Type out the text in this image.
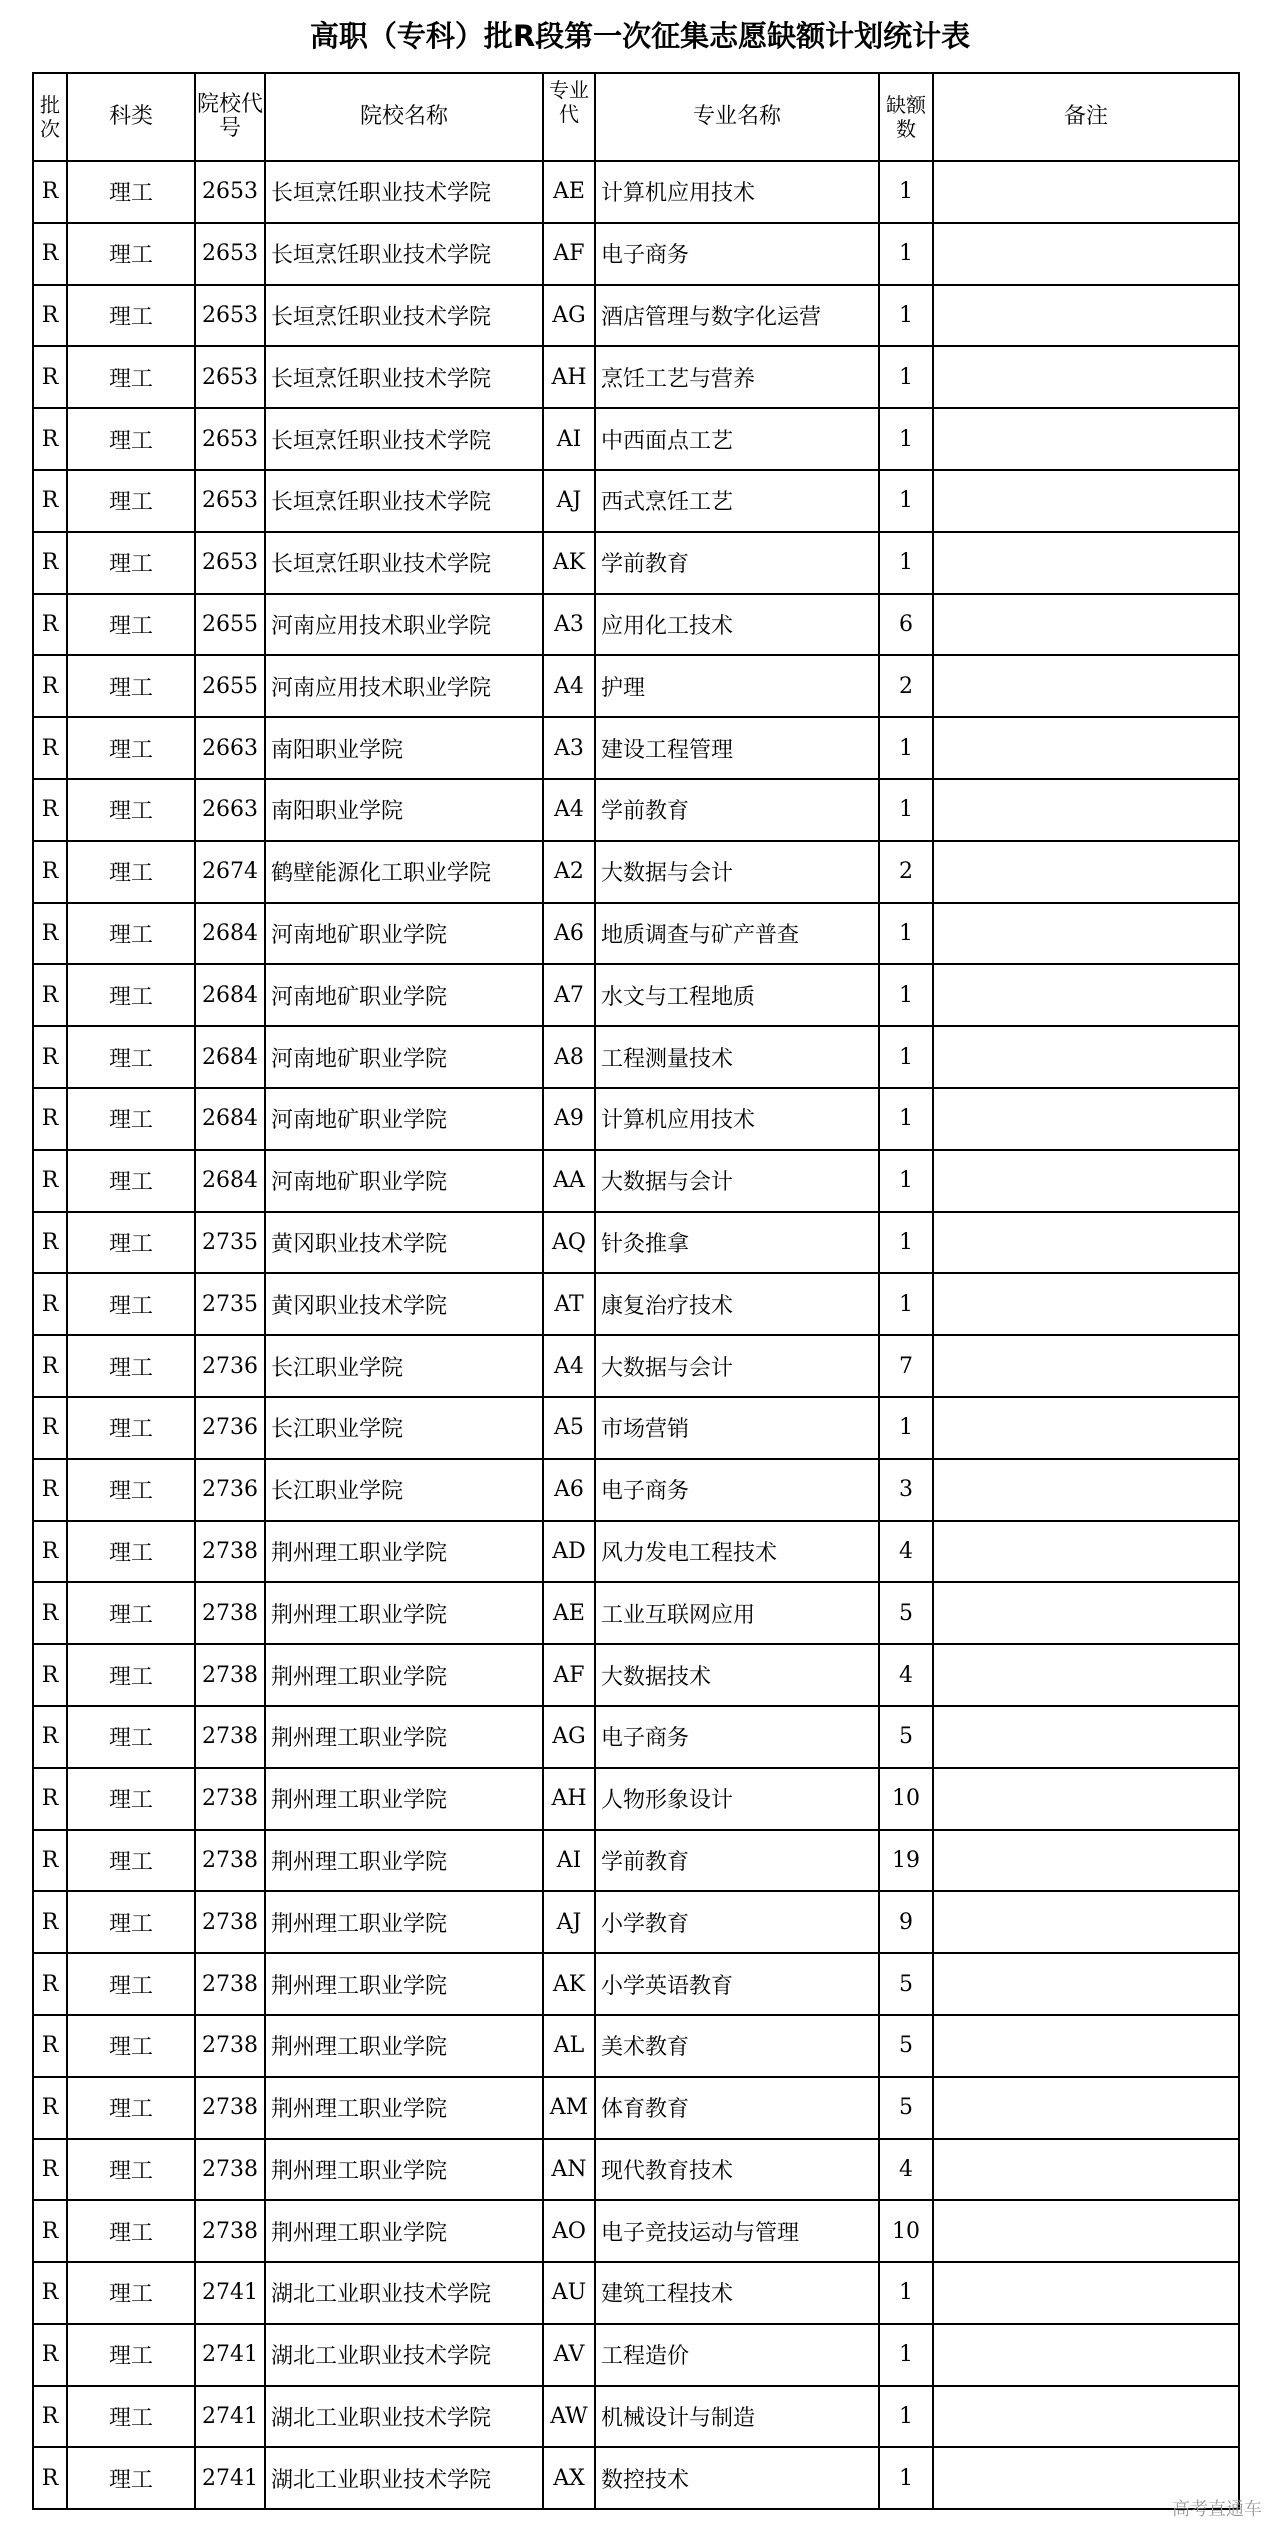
高职（专科）批R段第一次征集志愿缺额计划统计表
批次	科类	院校代号	院校名称	专业代	专业名称	缺额数	备注
R	理工	2653	长垣烹饪职业技术学院	AE	计算机应用技术	1	
R	理工	2653	长垣烹饪职业技术学院	AF	电子商务	1	
R	理工	2653	长垣烹饪职业技术学院	AG	酒店管理与数字化运营	1	
R	理工	2653	长垣烹饪职业技术学院	AH	烹饪工艺与营养	1	
R	理工	2653	长垣烹饪职业技术学院	AI	中西面点工艺	1	
R	理工	2653	长垣烹饪职业技术学院	AJ	西式烹饪工艺	1	
R	理工	2653	长垣烹饪职业技术学院	AK	学前教育	1	
R	理工	2655	河南应用技术职业学院	A3	应用化工技术	6	
R	理工	2655	河南应用技术职业学院	A4	护理	2	
R	理工	2663	南阳职业学院	A3	建设工程管理	1	
R	理工	2663	南阳职业学院	A4	学前教育	1	
R	理工	2674	鹤壁能源化工职业学院	A2	大数据与会计	2	
R	理工	2684	河南地矿职业学院	A6	地质调查与矿产普查	1	
R	理工	2684	河南地矿职业学院	A7	水文与工程地质	1	
R	理工	2684	河南地矿职业学院	A8	工程测量技术	1	
R	理工	2684	河南地矿职业学院	A9	计算机应用技术	1	
R	理工	2684	河南地矿职业学院	AA	大数据与会计	1	
R	理工	2735	黄冈职业技术学院	AQ	针灸推拿	1	
R	理工	2735	黄冈职业技术学院	AT	康复治疗技术	1	
R	理工	2736	长江职业学院	A4	大数据与会计	7	
R	理工	2736	长江职业学院	A5	市场营销	1	
R	理工	2736	长江职业学院	A6	电子商务	3	
R	理工	2738	荆州理工职业学院	AD	风力发电工程技术	4	
R	理工	2738	荆州理工职业学院	AE	工业互联网应用	5	
R	理工	2738	荆州理工职业学院	AF	大数据技术	4	
R	理工	2738	荆州理工职业学院	AG	电子商务	5	
R	理工	2738	荆州理工职业学院	AH	人物形象设计	10	
R	理工	2738	荆州理工职业学院	AI	学前教育	19	
R	理工	2738	荆州理工职业学院	AJ	小学教育	9	
R	理工	2738	荆州理工职业学院	AK	小学英语教育	5	
R	理工	2738	荆州理工职业学院	AL	美术教育	5	
R	理工	2738	荆州理工职业学院	AM	体育教育	5	
R	理工	2738	荆州理工职业学院	AN	现代教育技术	4	
R	理工	2738	荆州理工职业学院	AO	电子竞技运动与管理	10	
R	理工	2741	湖北工业职业技术学院	AU	建筑工程技术	1	
R	理工	2741	湖北工业职业技术学院	AV	工程造价	1	
R	理工	2741	湖北工业职业技术学院	AW	机械设计与制造	1	
R	理工	2741	湖北工业职业技术学院	AX	数控技术	1	
高考直通车
